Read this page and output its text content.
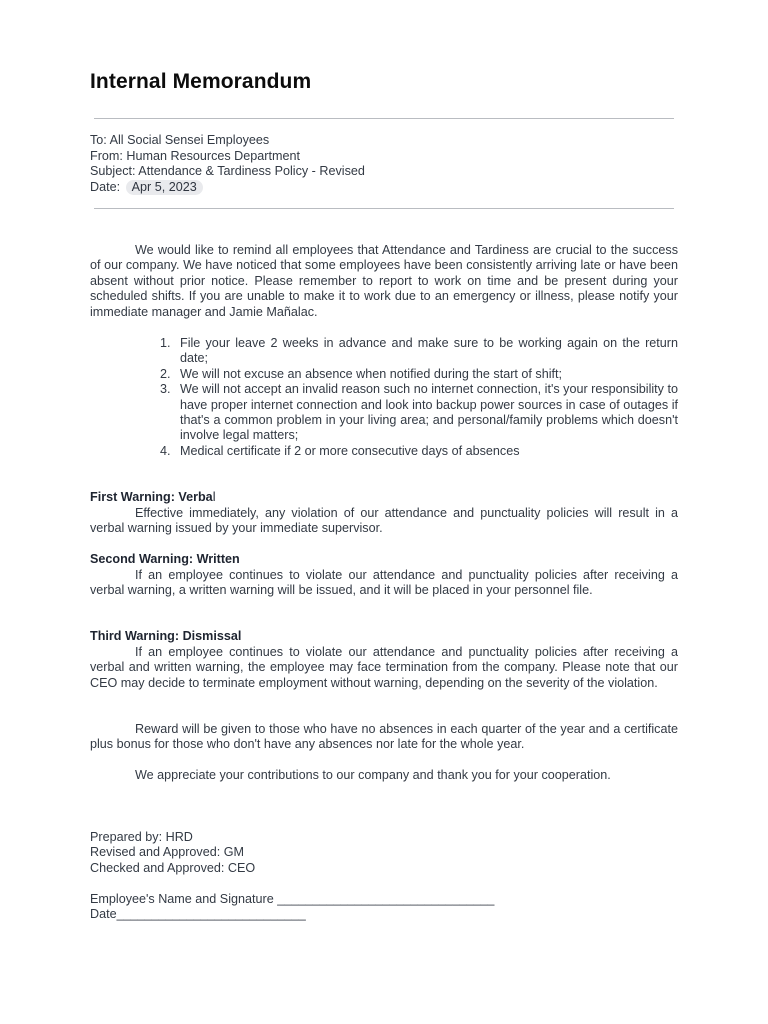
Internal Memorandum
To: All Social Sensei Employees
From: Human Resources Department
Subject: Attendance & Tardiness Policy - Revised
Date: Apr 5, 2023

We would like to remind all employees that Attendance and Tardiness are crucial to the success of our company. We have noticed that some employees have been consistently arriving late or have been absent without prior notice. Please remember to report to work on time and be present during your scheduled shifts. If you are unable to make it to work due to an emergency or illness, please notify your immediate manager and Jamie Mañalac.

1. File your leave 2 weeks in advance and make sure to be working again on the return date;
2. We will not excuse an absence when notified during the start of shift;
3. We will not accept an invalid reason such no internet connection, it's your responsibility to have proper internet connection and look into backup power sources in case of outages if that's a common problem in your living area; and personal/family problems which doesn't involve legal matters;
4. Medical certificate if 2 or more consecutive days of absences

First Warning: Verbal

Effective immediately, any violation of our attendance and punctuality policies will result in a verbal warning issued by your immediate supervisor.

Second Warning: Written

If an employee continues to violate our attendance and punctuality policies after receiving a verbal warning, a written warning will be issued, and it will be placed in your personnel file.

Third Warning: Dismissal

If an employee continues to violate our attendance and punctuality policies after receiving a verbal and written warning, the employee may face termination from the company. Please note that our CEO may decide to terminate employment without warning, depending on the severity of the violation.

Reward will be given to those who have no absences in each quarter of the year and a certificate plus bonus for those who don't have any absences nor late for the whole year.

We appreciate your contributions to our company and thank you for your cooperation.

Prepared by: HRD
Revised and Approved: GM
Checked and Approved: CEO
Employee's Name and Signature _______________________________
Date___________________________
